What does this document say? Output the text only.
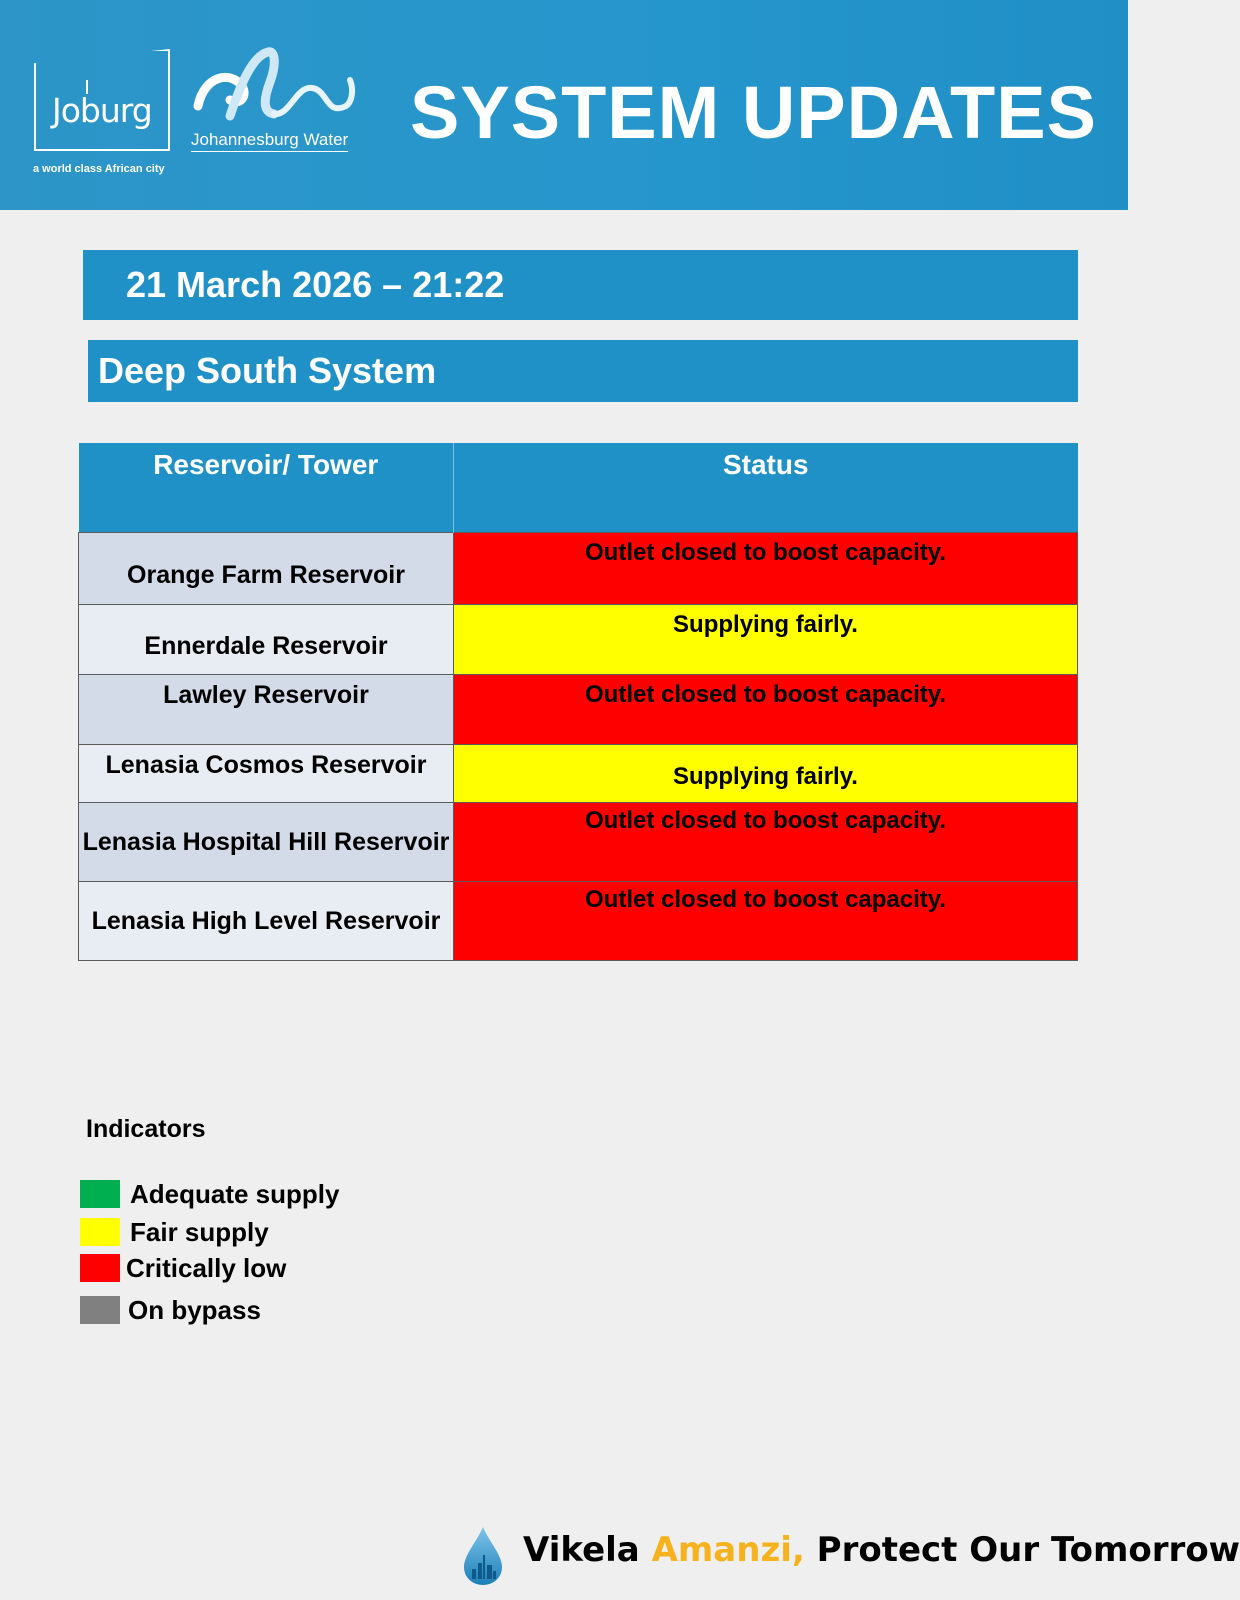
Joburg
a world class African city
Johannesburg Water SYSTEM UPDATES
21 March 2026 – 21:22
Deep South System
Reservoir/ Tower	Status
Orange Farm Reservoir	Outlet closed to boost capacity.
Ennerdale Reservoir	Supplying fairly.
Lawley Reservoir	Outlet closed to boost capacity.
Lenasia Cosmos Reservoir	Supplying fairly.
Lenasia Hospital Hill Reservoir	Outlet closed to boost capacity.
Lenasia High Level Reservoir	Outlet closed to boost capacity.
Indicators
Adequate supply
Fair supply
Critically low
On bypass
Vikela Amanzi, Protect Our Tomorrow
